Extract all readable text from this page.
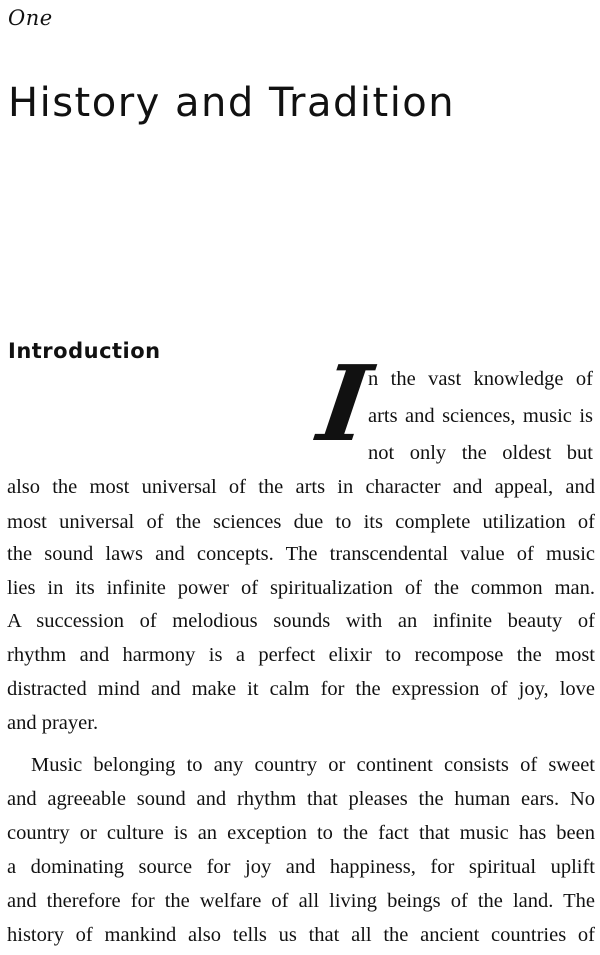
One
History and Tradition
Introduction I
n the vast knowledge of
arts and sciences, music is
not only the oldest but
also the most universal of the arts in character and appeal, and
most universal of the sciences due to its complete utilization of
the sound laws and concepts. The transcendental value of music
lies in its infinite power of spiritualization of the common man.
A succession of melodious sounds with an infinite beauty of
rhythm and harmony is a perfect elixir to recompose the most
distracted mind and make it calm for the expression of joy, love
and prayer.
Music belonging to any country or continent consists of sweet
and agreeable sound and rhythm that pleases the human ears. No
country or culture is an exception to the fact that music has been
a dominating source for joy and happiness, for spiritual uplift
and therefore for the welfare of all living beings of the land. The
history of mankind also tells us that all the ancient countries of
